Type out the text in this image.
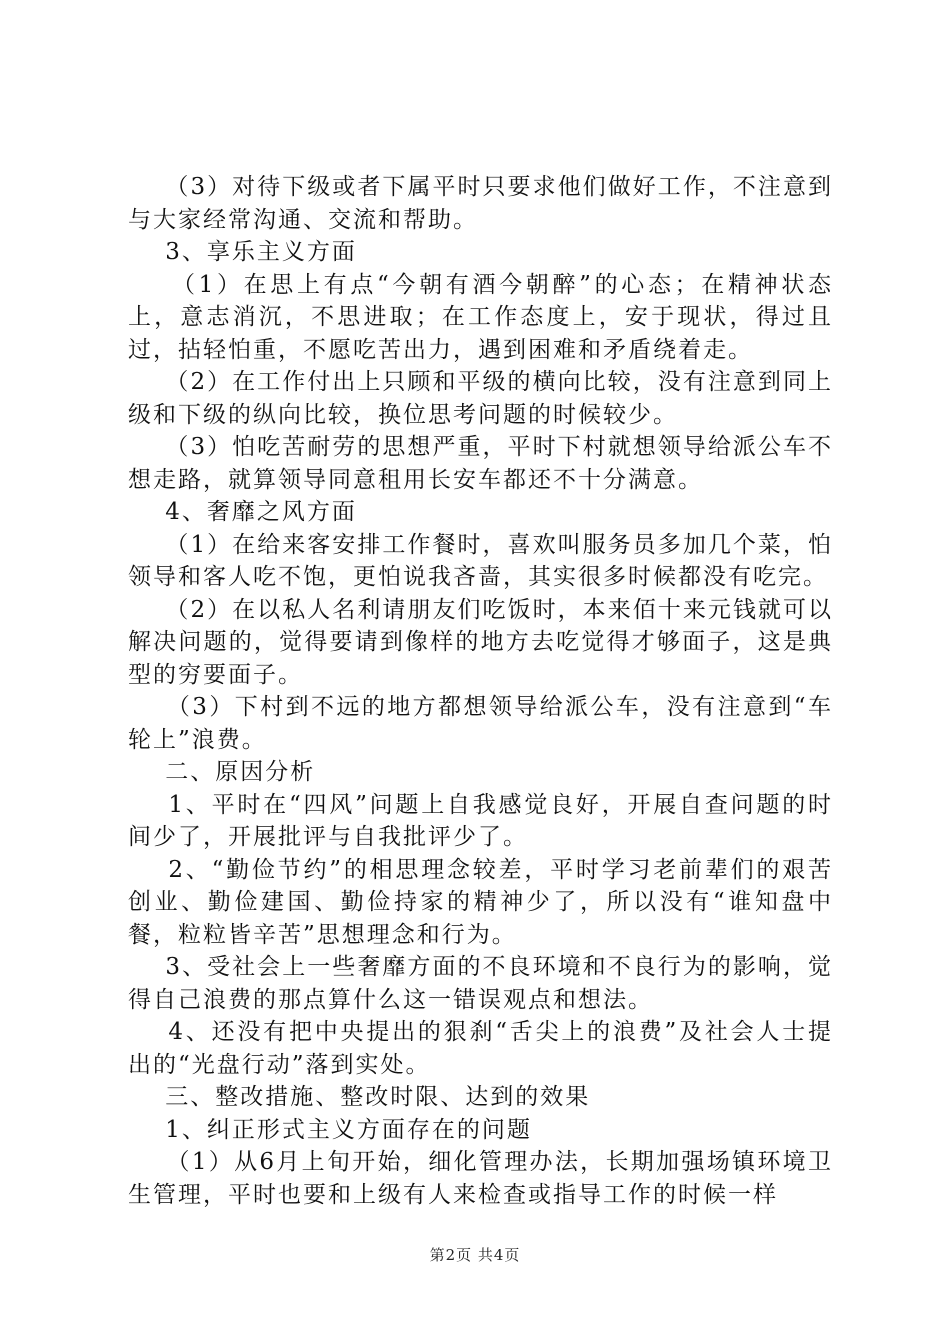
（3）对待下级或者下属平时只要求他们做好工作，不注意到与大家经常沟通、交流和帮助。

3、享乐主义方面

（1）在思上有点“今朝有酒今朝醉”的心态；在精神状态上，意志消沉，不思进取；在工作态度上，安于现状，得过且过，拈轻怕重，不愿吃苦出力，遇到困难和矛盾绕着走。

（2）在工作付出上只顾和平级的横向比较，没有注意到同上级和下级的纵向比较，换位思考问题的时候较少。

（3）怕吃苦耐劳的思想严重，平时下村就想领导给派公车不想走路，就算领导同意租用长安车都还不十分满意。

4、奢靡之风方面

（1）在给来客安排工作餐时，喜欢叫服务员多加几个菜，怕领导和客人吃不饱，更怕说我吝啬，其实很多时候都没有吃完。

（2）在以私人名利请朋友们吃饭时，本来佰十来元钱就可以解决问题的，觉得要请到像样的地方去吃觉得才够面子，这是典型的穷要面子。

（3）下村到不远的地方都想领导给派公车，没有注意到“车轮上”浪费。

二、原因分析

1、平时在“四风”问题上自我感觉良好，开展自查问题的时间少了，开展批评与自我批评少了。

2、“勤俭节约”的相思理念较差，平时学习老前辈们的艰苦创业、勤俭建国、勤俭持家的精神少了，所以没有“谁知盘中餐，粒粒皆辛苦”思想理念和行为。

3、受社会上一些奢靡方面的不良环境和不良行为的影响，觉得自己浪费的那点算什么这一错误观点和想法。

4、还没有把中央提出的狠刹“舌尖上的浪费”及社会人士提出的“光盘行动”落到实处。

三、整改措施、整改时限、达到的效果

1、纠正形式主义方面存在的问题

（1）从6月上旬开始，细化管理办法，长期加强场镇环境卫生管理，平时也要和上级有人来检查或指导工作的时候一样

第2页 共4页
